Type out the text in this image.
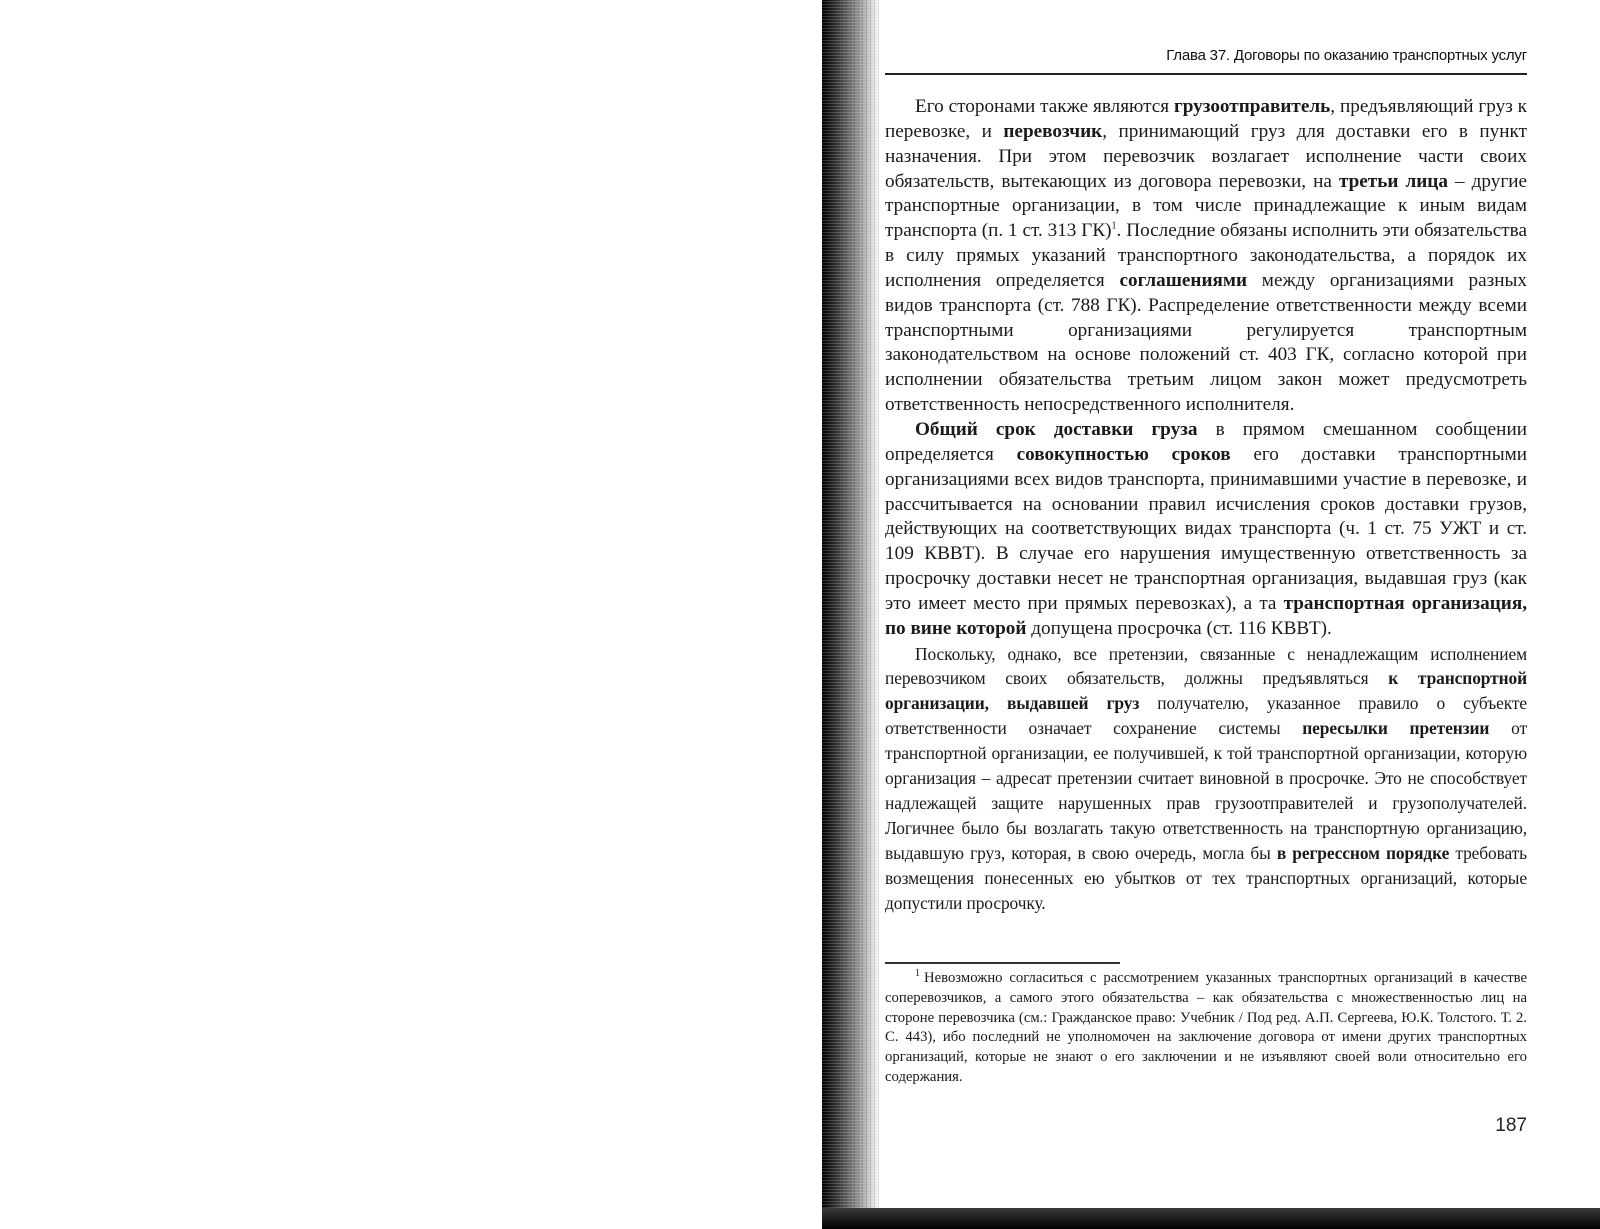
Глава 37. Договоры по оказанию транспортных услуг

Его сторонами также являются грузоотправитель, предъявляющий груз к перевозке, и перевозчик, принимающий груз для доставки его в пункт назначения. При этом перевозчик возлагает исполнение части своих обязательств, вытекающих из договора перевозки, на третьи лица – другие транспортные организации, в том числе принадлежащие к иным видам транспорта (п. 1 ст. 313 ГК)$^1$. Последние обязаны исполнить эти обязательства в силу прямых указаний транспортного законодательства, а порядок их исполнения определяется соглашениями между организациями разных видов транспорта (ст. 788 ГК). Распределение ответственности между всеми транспортными организациями регулируется транспортным законодательством на основе положений ст. 403 ГК, согласно которой при исполнении обязательства третьим лицом закон может предусмотреть ответственность непосредственного исполнителя.

Общий срок доставки груза в прямом смешанном сообщении определяется совокупностью сроков его доставки транспортными организациями всех видов транспорта, принимавшими участие в перевозке, и рассчитывается на основании правил исчисления сроков доставки грузов, действующих на соответствующих видах транспорта (ч. 1 ст. 75 УЖТ и ст. 109 КВВТ). В случае его нарушения имущественную ответственность за просрочку доставки несет не транспортная организация, выдавшая груз (как это имеет место при прямых перевозках), а та транспортная организация, по вине которой допущена просрочка (ст. 116 КВВТ).

Поскольку, однако, все претензии, связанные с ненадлежащим исполнением перевозчиком своих обязательств, должны предъявляться к транспортной организации, выдавшей груз получателю, указанное правило о субъекте ответственности означает сохранение системы пересылки претензии от транспортной организации, ее получившей, к той транспортной организации, которую организация – адресат претензии считает виновной в просрочке. Это не способствует надлежащей защите нарушенных прав грузоотправителей и грузополучателей. Логичнее было бы возлагать такую ответственность на транспортную организацию, выдавшую груз, которая, в свою очередь, могла бы в регрессном порядке требовать возмещения понесенных ею убытков от тех транспортных организаций, которые допустили просрочку.

$^1$ Невозможно согласиться с рассмотрением указанных транспортных организаций в качестве соперевозчиков, а самого этого обязательства – как обязательства с множественностью лиц на стороне перевозчика (см.: Гражданское право: Учебник / Под ред. А.П. Сергеева, Ю.К. Толстого. Т. 2. С. 443), ибо последний не уполномочен на заключение договора от имени других транспортных организаций, которые не знают о его заключении и не изъявляют своей воли относительно его содержания.

187
